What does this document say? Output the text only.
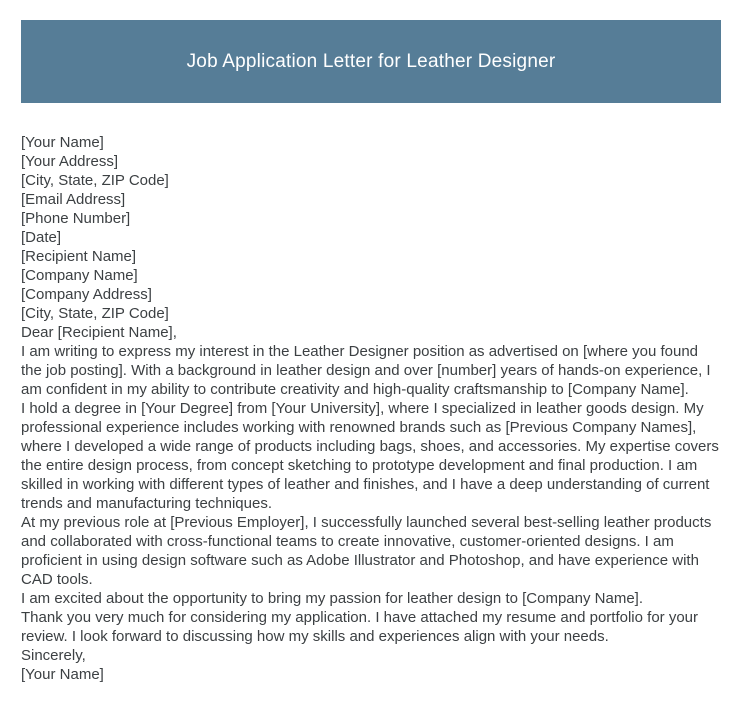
Job Application Letter for Leather Designer
[Your Name]
[Your Address]
[City, State, ZIP Code]
[Email Address]
[Phone Number]
[Date]
[Recipient Name]
[Company Name]
[Company Address]
[City, State, ZIP Code]
Dear [Recipient Name],

I am writing to express my interest in the Leather Designer position as advertised on [where you found the job posting]. With a background in leather design and over [number] years of hands-on experience, I am confident in my ability to contribute creativity and high-quality craftsmanship to [Company Name].

I hold a degree in [Your Degree] from [Your University], where I specialized in leather goods design. My professional experience includes working with renowned brands such as [Previous Company Names], where I developed a wide range of products including bags, shoes, and accessories. My expertise covers the entire design process, from concept sketching to prototype development and final production. I am skilled in working with different types of leather and finishes, and I have a deep understanding of current trends and manufacturing techniques.

At my previous role at [Previous Employer], I successfully launched several best-selling leather products and collaborated with cross-functional teams to create innovative, customer-oriented designs. I am proficient in using design software such as Adobe Illustrator and Photoshop, and have experience with CAD tools.

I am excited about the opportunity to bring my passion for leather design to [Company Name].

Thank you very much for considering my application. I have attached my resume and portfolio for your review. I look forward to discussing how my skills and experiences align with your needs.

Sincerely,
[Your Name]
